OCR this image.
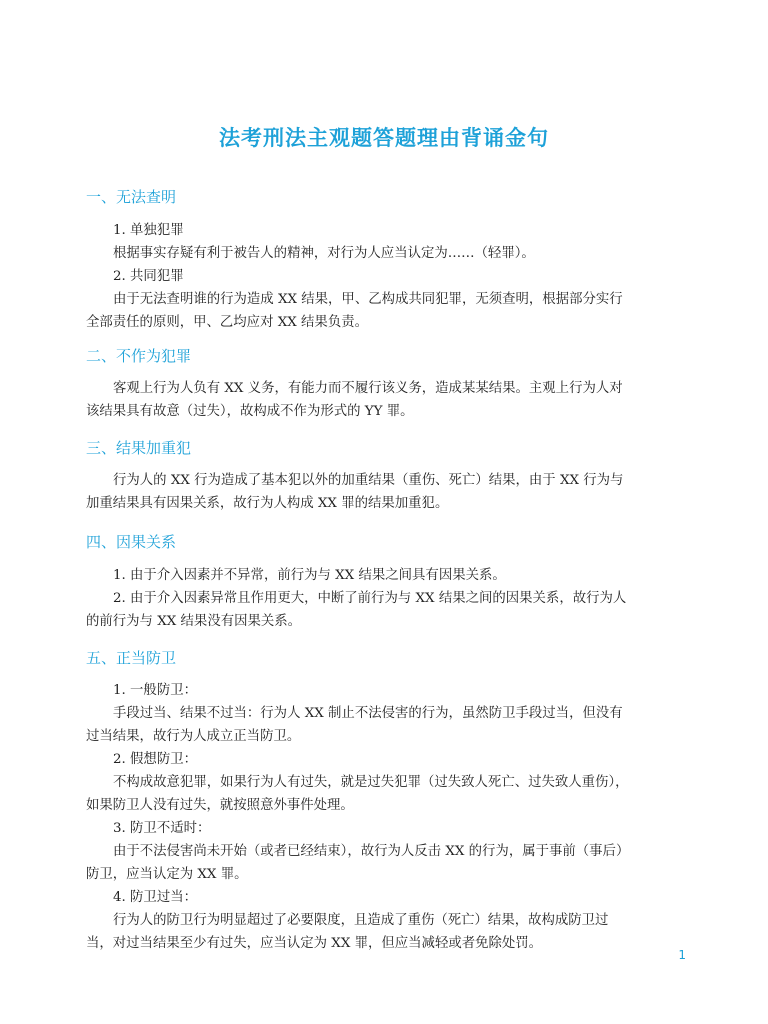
法考刑法主观题答题理由背诵金句
一、无法查明
1. 单独犯罪
根据事实存疑有利于被告人的精神，对行为人应当认定为……（轻罪）。
2. 共同犯罪
由于无法查明谁的行为造成 XX 结果，甲、乙构成共同犯罪，无须查明，根据部分实行
全部责任的原则，甲、乙均应对 XX 结果负责。
二、不作为犯罪
客观上行为人负有 XX 义务，有能力而不履行该义务，造成某某结果。主观上行为人对
该结果具有故意（过失），故构成不作为形式的 YY 罪。
三、结果加重犯
行为人的 XX 行为造成了基本犯以外的加重结果（重伤、死亡）结果，由于 XX 行为与
加重结果具有因果关系，故行为人构成 XX 罪的结果加重犯。
四、因果关系
1. 由于介入因素并不异常，前行为与 XX 结果之间具有因果关系。
2. 由于介入因素异常且作用更大，中断了前行为与 XX 结果之间的因果关系，故行为人
的前行为与 XX 结果没有因果关系。
五、正当防卫
1. 一般防卫：
手段过当、结果不过当：行为人 XX 制止不法侵害的行为，虽然防卫手段过当，但没有
过当结果，故行为人成立正当防卫。
2. 假想防卫：
不构成故意犯罪，如果行为人有过失，就是过失犯罪（过失致人死亡、过失致人重伤），
如果防卫人没有过失，就按照意外事件处理。
3. 防卫不适时：
由于不法侵害尚未开始（或者已经结束），故行为人反击 XX 的行为，属于事前（事后）
防卫，应当认定为 XX 罪。
4. 防卫过当：
行为人的防卫行为明显超过了必要限度，且造成了重伤（死亡）结果，故构成防卫过
当，对过当结果至少有过失，应当认定为 XX 罪，但应当减轻或者免除处罚。
1
